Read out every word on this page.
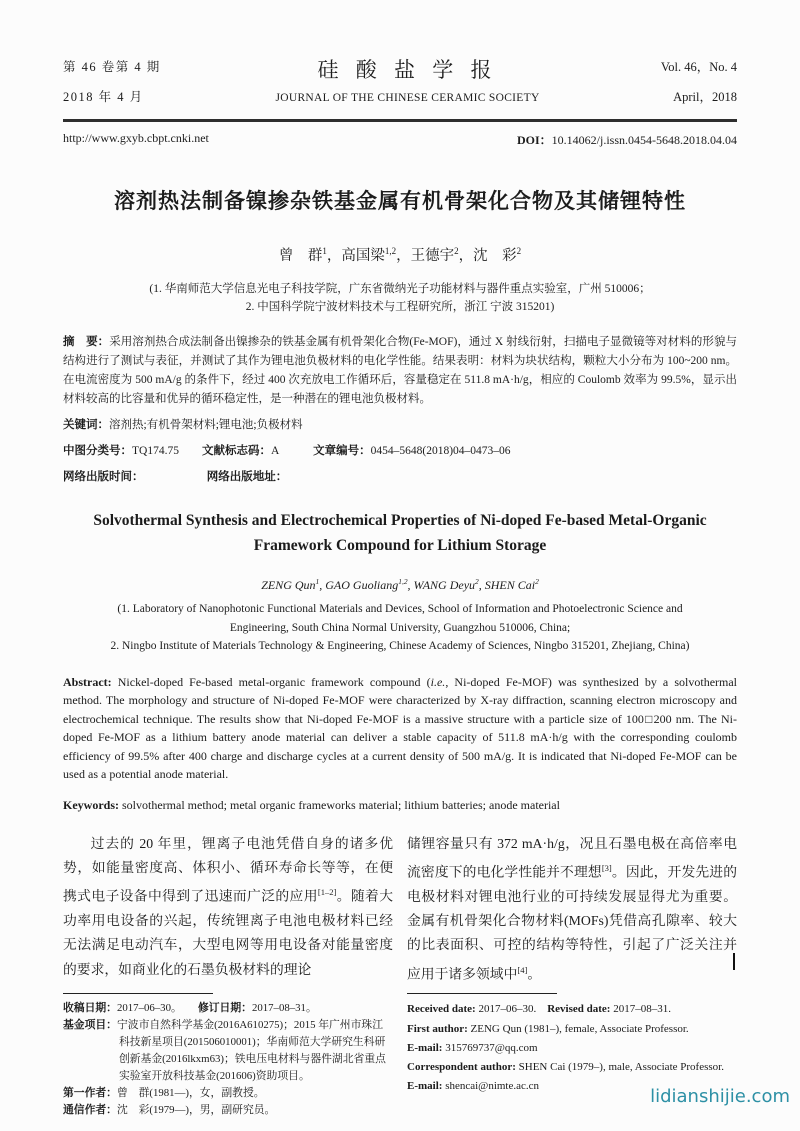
第 46 卷第 4 期
2018 年 4 月
硅 酸 盐 学 报
JOURNAL OF THE CHINESE CERAMIC SOCIETY
Vol. 46，No. 4
April，2018
http://www.gxyb.cbpt.cnki.net	DOI：10.14062/j.issn.0454-5648.2018.04.04
溶剂热法制备镍掺杂铁基金属有机骨架化合物及其储锂特性
曾　群$^1$，高国梁$^{1,2}$，王德宇$^2$，沈　彩$^2$
(1. 华南师范大学信息光电子科技学院，广东省微纳光子功能材料与器件重点实验室，广州 510006；
2. 中国科学院宁波材料技术与工程研究所，浙江 宁波 315201)
摘　要：采用溶剂热合成法制备出镍掺杂的铁基金属有机骨架化合物(Fe-MOF)，通过 X 射线衍射，扫描电子显微镜等对材料的形貌与结构进行了测试与表征，并测试了其作为锂电池负极材料的电化学性能。结果表明：材料为块状结构，颗粒大小分布为 100~200 nm。在电流密度为 500 mA/g 的条件下，经过 400 次充放电工作循环后，容量稳定在 511.8 mA·h/g，相应的 Coulomb 效率为 99.5%，显示出材料较高的比容量和优异的循环稳定性，是一种潜在的锂电池负极材料。
关键词：溶剂热;有机骨架材料;锂电池;负极材料
中图分类号：TQ174.75　　文献标志码：A　　　文章编号：0454–5648(2018)04–0473–06
网络出版时间：　　　　　　	网络出版地址：
Solvothermal Synthesis and Electrochemical Properties of Ni-doped Fe-based Metal-Organic
Framework Compound for Lithium Storage
ZENG Qun$^1$, GAO Guoliang$^{1,2}$, WANG Deyu$^2$, SHEN Cai$^2$
(1. Laboratory of Nanophotonic Functional Materials and Devices, School of Information and Photoelectronic Science and
Engineering, South China Normal University, Guangzhou 510006, China;
2. Ningbo Institute of Materials Technology & Engineering, Chinese Academy of Sciences, Ningbo 315201, Zhejiang, China)
Abstract: Nickel-doped Fe-based metal-organic framework compound (i.e., Ni-doped Fe-MOF) was synthesized by a solvothermal method. The morphology and structure of Ni-doped Fe-MOF were characterized by X-ray diffraction, scanning electron microscopy and electrochemical technique. The results show that Ni-doped Fe-MOF is a massive structure with a particle size of 100□200 nm. The Ni-doped Fe-MOF as a lithium battery anode material can deliver a stable capacity of 511.8 mA·h/g with the corresponding coulomb efficiency of 99.5% after 400 charge and discharge cycles at a current density of 500 mA/g. It is indicated that Ni-doped Fe-MOF can be used as a potential anode material.
Keywords: solvothermal method; metal organic frameworks material; lithium batteries; anode material
过去的 20 年里，锂离子电池凭借自身的诸多优势，如能量密度高、体积小、循环寿命长等等，在便携式电子设备中得到了迅速而广泛的应用[1–2]。随着大功率用电设备的兴起，传统锂离子电池电极材料已经无法满足电动汽车，大型电网等用电设备对能量密度的要求，如商业化的石墨负极材料的理论
储锂容量只有 372 mA·h/g，况且石墨电极在高倍率电流密度下的电化学性能并不理想[3]。因此，开发先进的电极材料对锂电池行业的可持续发展显得尤为重要。金属有机骨架化合物材料(MOFs)凭借高孔隙率、较大的比表面积、可控的结构等特性，引起了广泛关注并应用于诸多领域中[4]。
收稿日期：2017–06–30。　　修订日期：2017–08–31。
基金项目：宁波市自然科学基金(2016A610275)；2015 年广州市珠江科技新星项目(201506010001)；华南师范大学研究生科研创新基金(2016lkxm63)；铁电压电材料与器件湖北省重点实验室开放科技基金(201606)资助项目。
第一作者：曾　群(1981—)，女，副教授。
通信作者：沈　彩(1979—)，男，副研究员。
Received date: 2017–06–30.　Revised date: 2017–08–31.
First author: ZENG Qun (1981–), female, Associate Professor.
E-mail: 315769737@qq.com
Correspondent author: SHEN Cai (1979–), male, Associate Professor.
E-mail: shencai@nimte.ac.cn	lidianshijie.com
